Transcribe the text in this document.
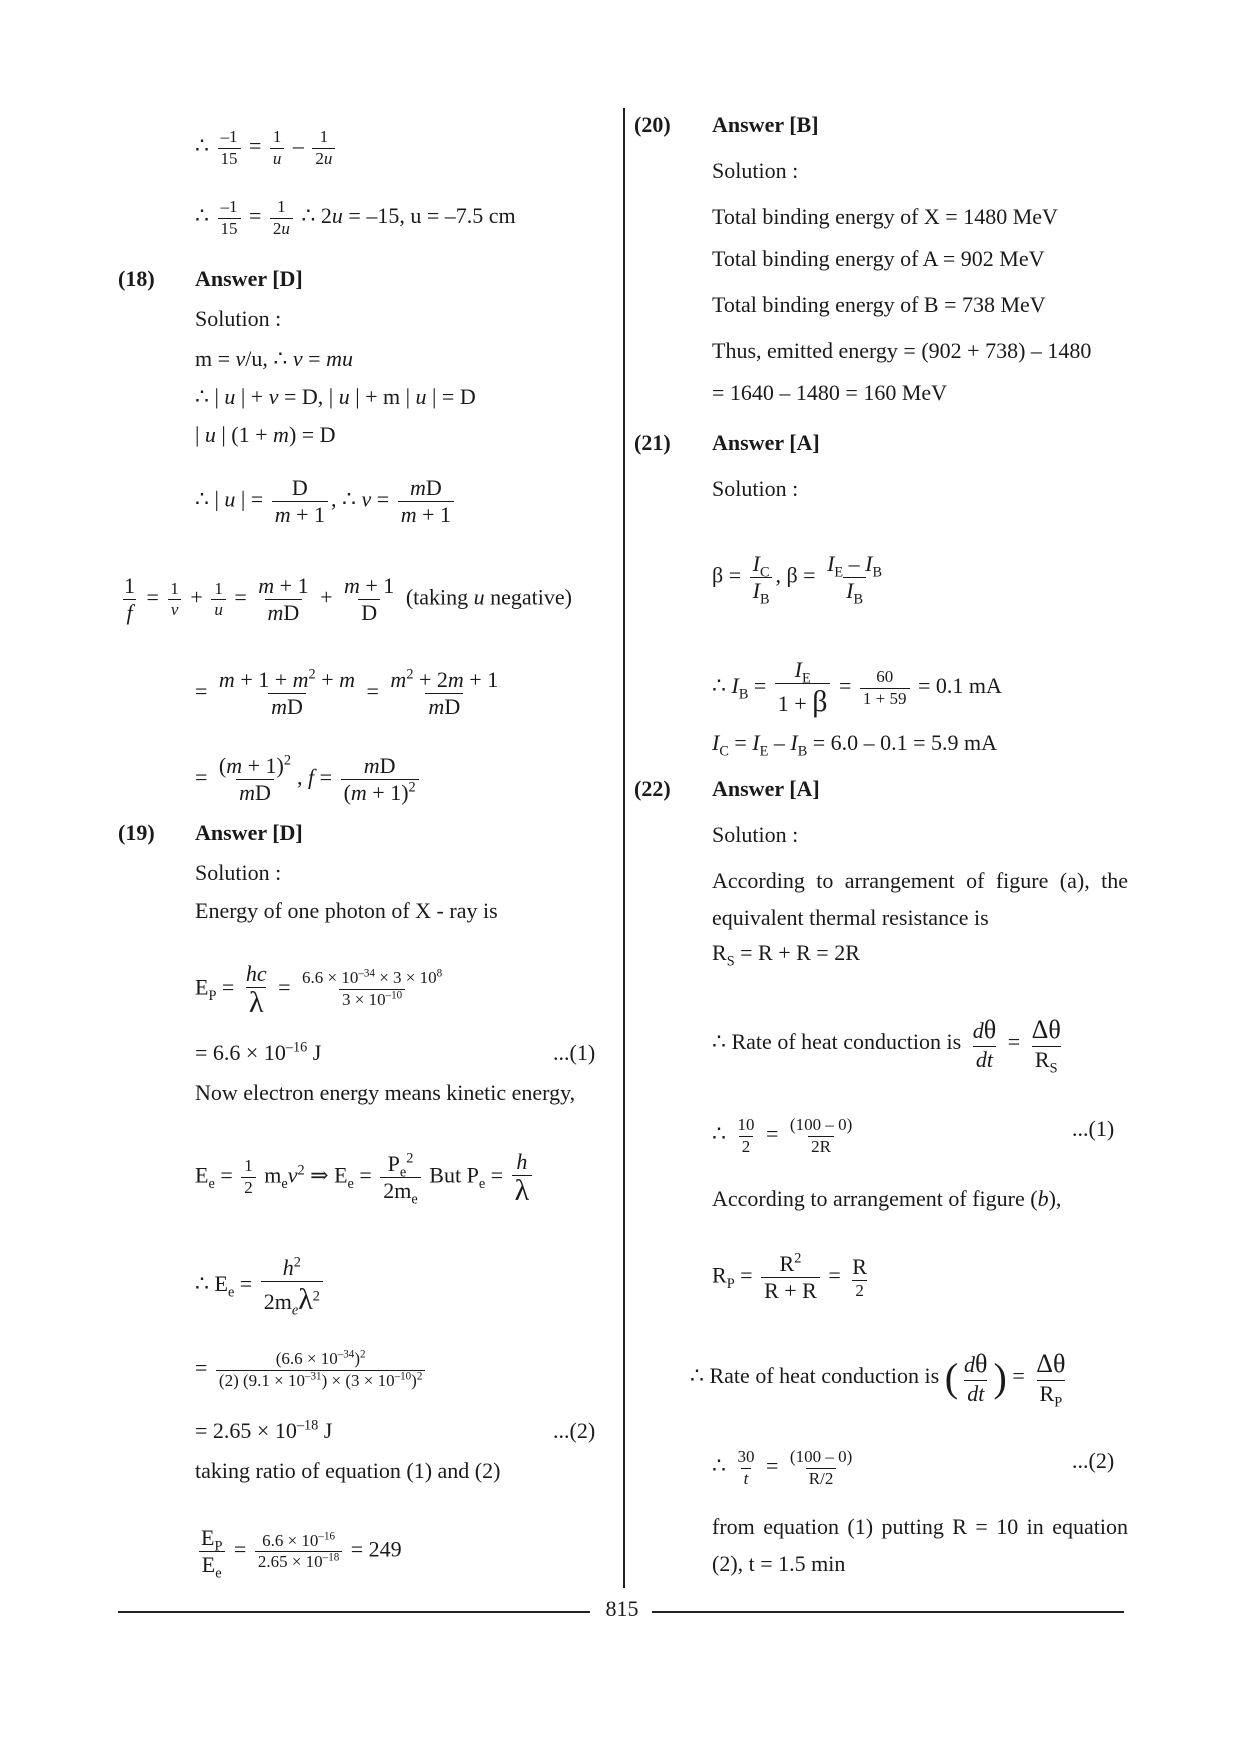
∴ $\frac{-1}{15} = \frac{1}{u} - \frac{1}{2u}$
∴ $\frac{-1}{15} = \frac{1}{2u}$ ∴ 2u = –15, u = –7.5 cm
(18) Answer [D]
Solution :
m = v/u, ∴ v = mu
∴ | u | + v = D, | u | + m | u | = D
| u | (1 + m) = D
∴ | u | = $\frac{D}{m + 1}$ , ∴ $v = \frac{mD}{m + 1}$
$\frac{1}{f} = \frac{1}{v} + \frac{1}{u} = \frac{m + 1}{mD} + \frac{m + 1}{D}$ (taking u negative)
= $\frac{m + 1 + m^2 + m}{mD} = \frac{m^2 + 2m + 1}{mD}$
= $\frac{(m + 1)^2}{mD}$ , $f = \frac{mD}{(m + 1)^2}$
(19) Answer [D]
Solution :
Energy of one photon of X - ray is
$E_P = \frac{hc}{\lambda} = \frac{6.6 \times 10^{-34} \times 3 \times 10^8}{3 \times 10^{-10}}$
= $6.6 \times 10^{-16}$ J	...(1)
Now electron energy means kinetic energy,
$E_e = \frac{1}{2} m_ev^2$ ⇒ $E_e = \frac{P_e^2}{2m_e}$ But $P_e = \frac{h}{\lambda}$
∴ $E_e = \frac{h^2}{2m_e\lambda^2}$
= $\frac{(6.6 \times 10^{-34})^2}{(2) (9.1 \times 10^{-31}) \times (3 \times 10^{-10})^2}$
= $2.65 \times 10^{-18}$ J	...(2)
taking ratio of equation (1) and (2)
$\frac{E_P}{E_e} = \frac{6.6 \times 10^{-16}}{2.65 \times 10^{-18}} = 249$
(20) Answer [B]
Solution :
Total binding energy of X = 1480 MeV
Total binding energy of A = 902 MeV
Total binding energy of B = 738 MeV
Thus, emitted energy = (902 + 738) – 1480
= 1640 – 1480 = 160 MeV
(21) Answer [A]
Solution :
$\beta = \frac{I_C}{I_B}$ , $\beta = \frac{I_E - I_B}{I_B}$
∴ $I_B = \frac{I_E}{1 + \beta} = \frac{60}{1 + 59} = 0.1$ mA
$I_C = I_E - I_B = 6.0 - 0.1 = 5.9$ mA
(22) Answer [A]
Solution :
According to arrangement of figure (a), the equivalent thermal resistance is
$R_S = R + R = 2R$
∴ Rate of heat conduction is $\frac{d\theta}{dt} = \frac{\Delta\theta}{R_S}$
∴ $\frac{10}{2} = \frac{(100 - 0)}{2R}$	...(1)
According to arrangement of figure (b),
$R_P = \frac{R^2}{R + R} = \frac{R}{2}$
∴ Rate of heat conduction is ( $\frac{d\theta}{dt}$ ) = $\frac{\Delta\theta}{R_P}$
∴ $\frac{30}{t} = \frac{(100 - 0)}{R/2}$	...(2)
from equation (1) putting R = 10 in equation (2), t = 1.5 min
815
